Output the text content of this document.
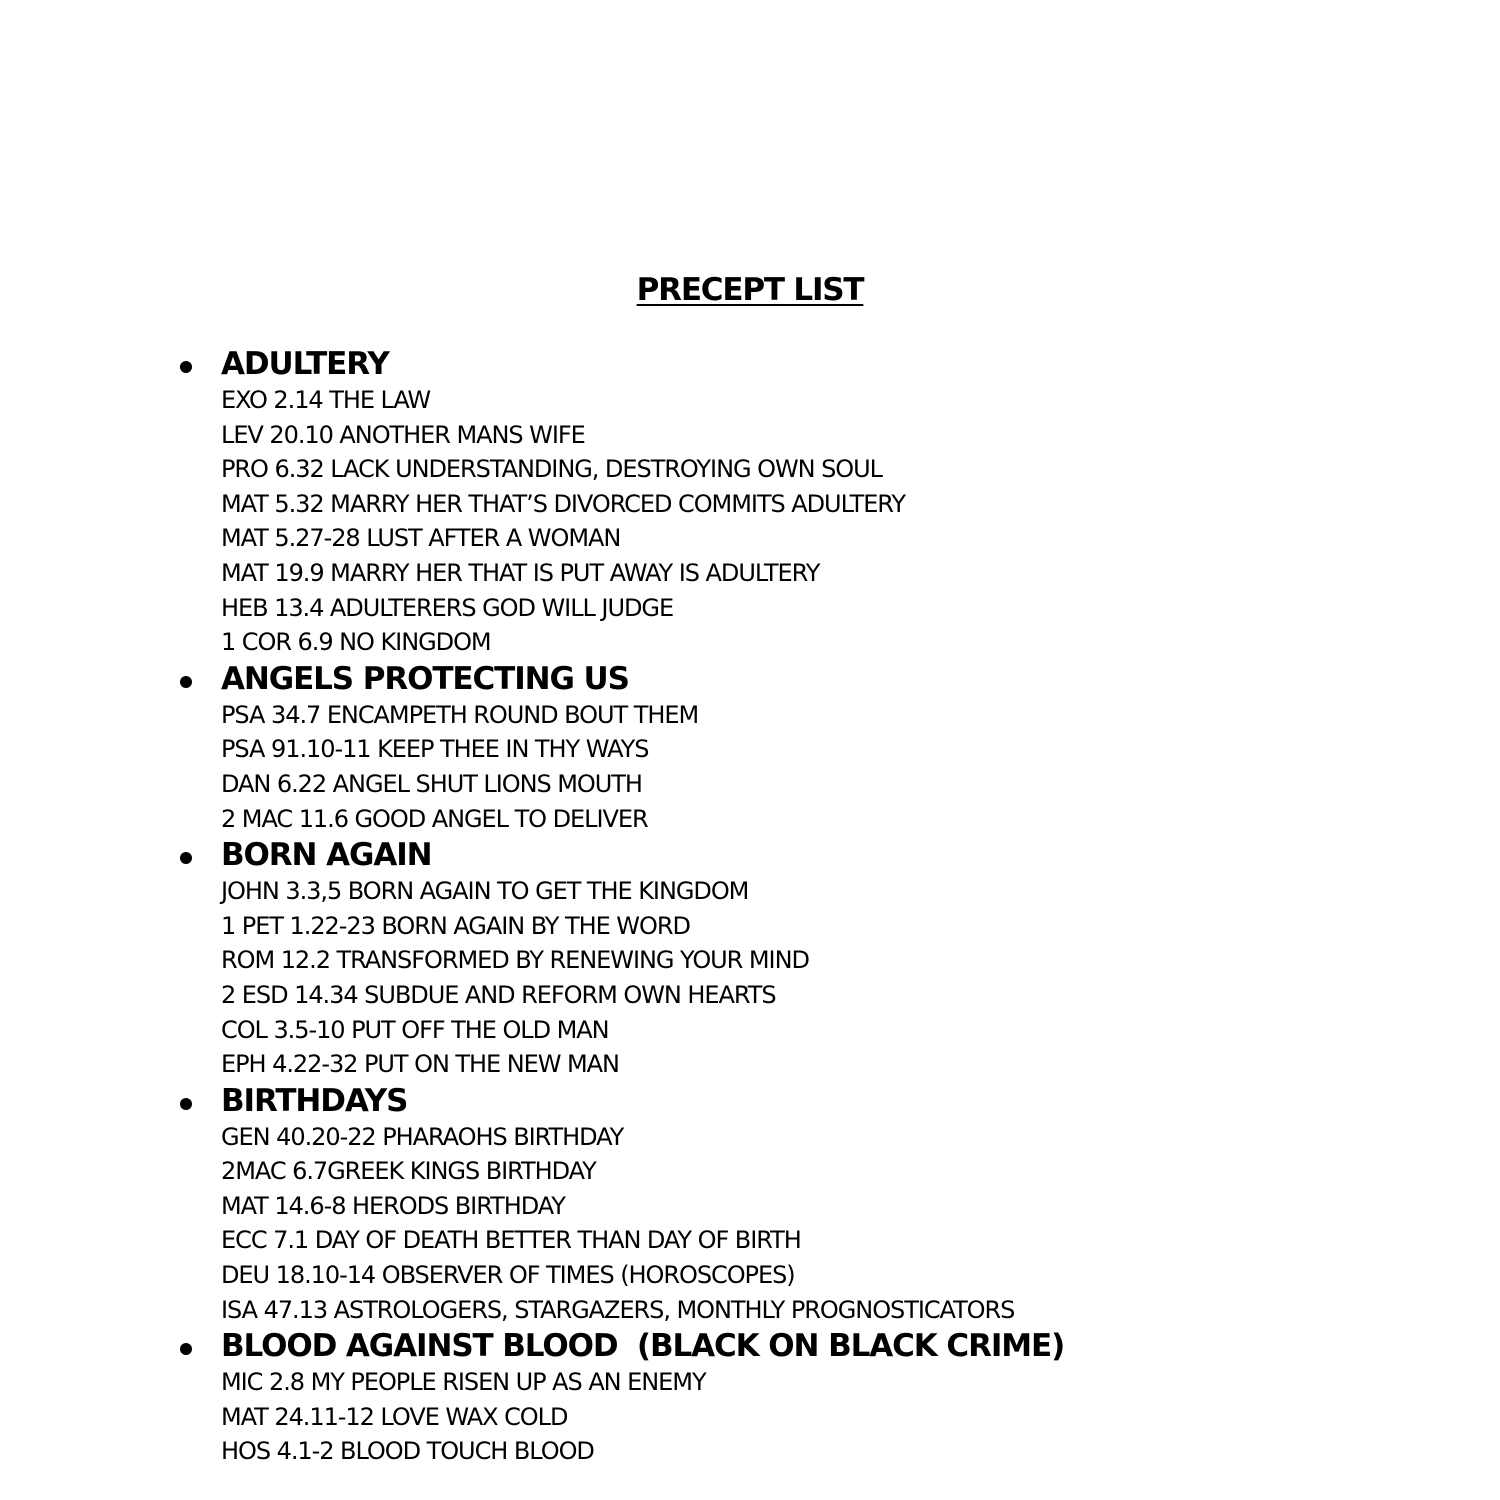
PRECEPT LIST
ADULTERY
EXO 2.14 THE LAW
LEV 20.10 ANOTHER MANS WIFE
PRO 6.32 LACK UNDERSTANDING, DESTROYING OWN SOUL
MAT 5.32 MARRY HER THAT’S DIVORCED COMMITS ADULTERY
MAT 5.27-28 LUST AFTER A WOMAN
MAT 19.9 MARRY HER THAT IS PUT AWAY IS ADULTERY
HEB 13.4 ADULTERERS GOD WILL JUDGE
1 COR 6.9 NO KINGDOM
ANGELS PROTECTING US
PSA 34.7 ENCAMPETH ROUND BOUT THEM
PSA 91.10-11 KEEP THEE IN THY WAYS
DAN 6.22 ANGEL SHUT LIONS MOUTH
2 MAC 11.6 GOOD ANGEL TO DELIVER
BORN AGAIN
JOHN 3.3,5 BORN AGAIN TO GET THE KINGDOM
1 PET 1.22-23 BORN AGAIN BY THE WORD
ROM 12.2 TRANSFORMED BY RENEWING YOUR MIND
2 ESD 14.34 SUBDUE AND REFORM OWN HEARTS
COL 3.5-10 PUT OFF THE OLD MAN
EPH 4.22-32 PUT ON THE NEW MAN
BIRTHDAYS
GEN 40.20-22 PHARAOHS BIRTHDAY
2MAC 6.7GREEK KINGS BIRTHDAY
MAT 14.6-8 HERODS BIRTHDAY
ECC 7.1 DAY OF DEATH BETTER THAN DAY OF BIRTH
DEU 18.10-14 OBSERVER OF TIMES (HOROSCOPES)
ISA 47.13 ASTROLOGERS, STARGAZERS, MONTHLY PROGNOSTICATORS
BLOOD AGAINST BLOOD  (BLACK ON BLACK CRIME)
MIC 2.8 MY PEOPLE RISEN UP AS AN ENEMY
MAT 24.11-12 LOVE WAX COLD
HOS 4.1-2 BLOOD TOUCH BLOOD
